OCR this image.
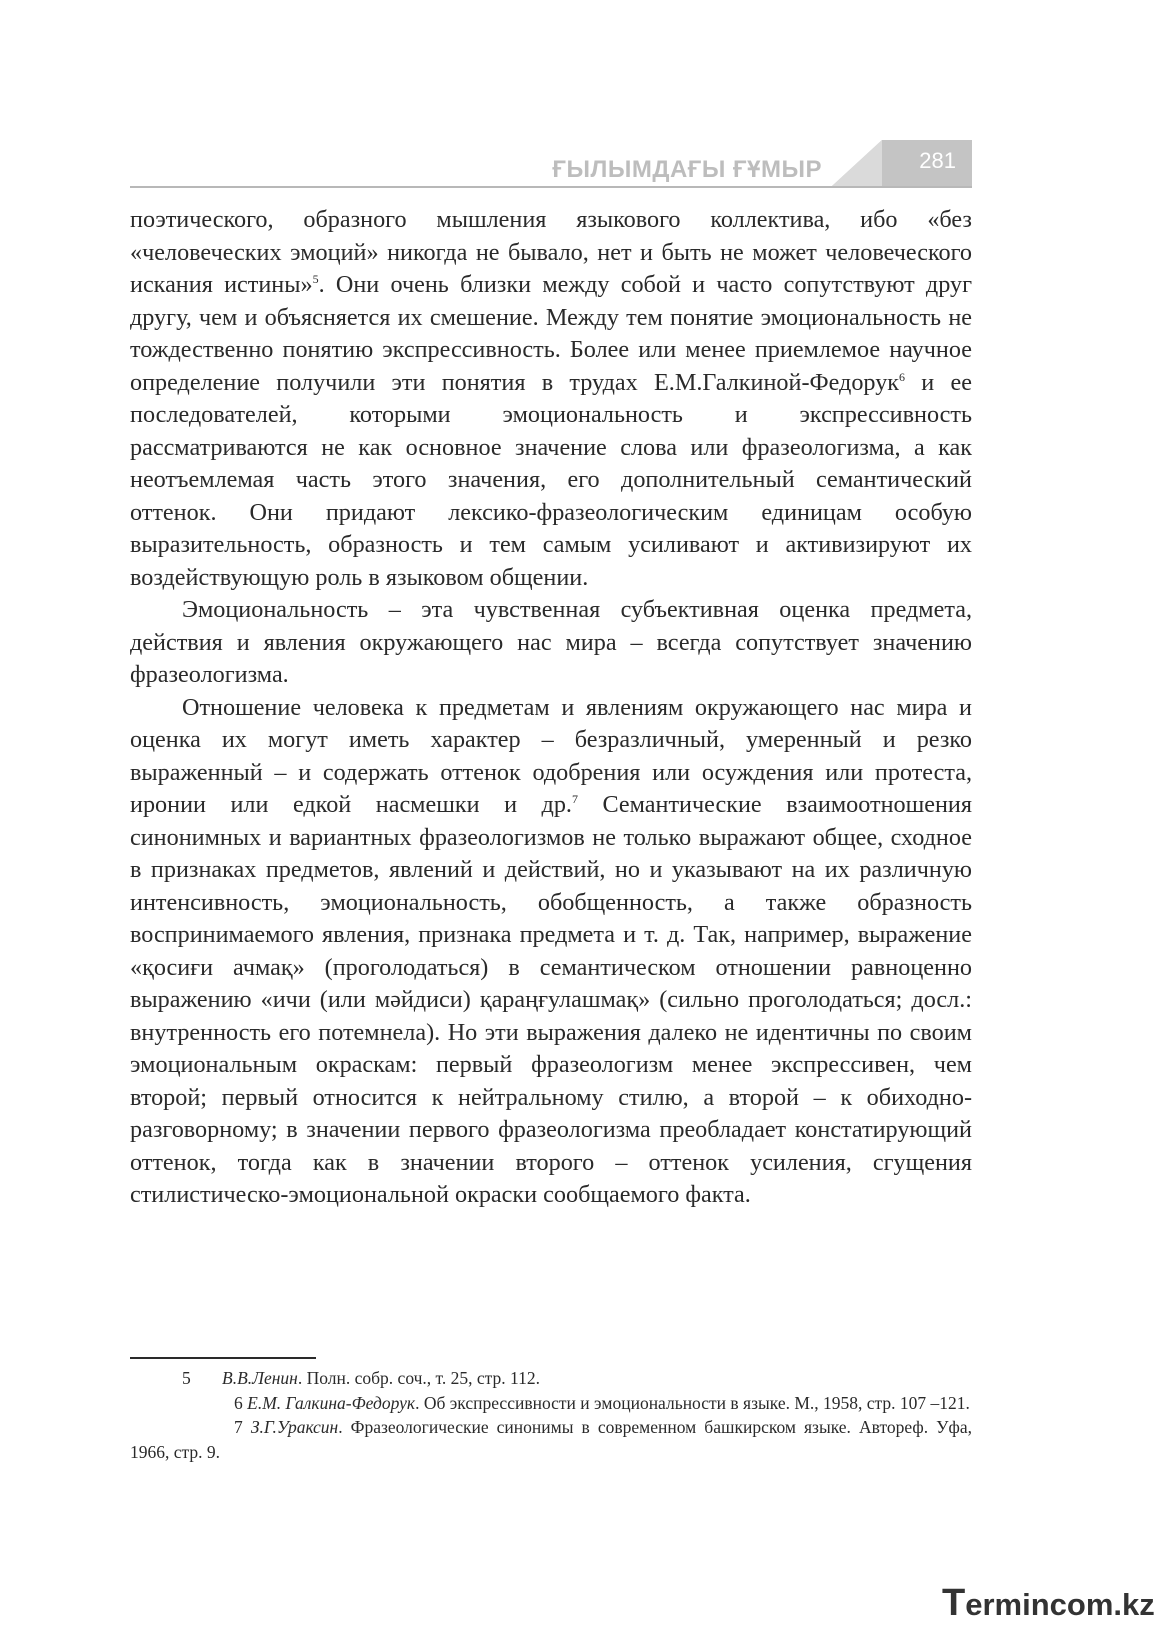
ҒЫЛЫМДАҒЫ ҒҰМЫР	281

поэтического, образного мышления языкового коллектива, ибо «без «человеческих эмоций» никогда не бывало, нет и быть не может человеческого искания истины»$^5$. Они очень близки между собой и часто сопутствуют друг другу, чем и объясняется их смешение. Между тем понятие эмоциональность не тождественно понятию экспрессивность. Более или менее приемлемое научное определение получили эти понятия в трудах Е.М.Галкиной-Федорук$^6$ и ее последователей, которыми эмоциональность и экспрессивность рассматриваются не как основное значение слова или фразеологизма, а как неотъемлемая часть этого значения, его дополнительный семантический оттенок. Они придают лексико-фразеологическим единицам особую выразительность, образность и тем самым усиливают и активизируют их воздействующую роль в языковом общении.

Эмоциональность – эта чувственная субъективная оценка предмета, действия и явления окружающего нас мира – всегда сопутствует значению фразеологизма.

Отношение человека к предметам и явлениям окружающего нас мира и оценка их могут иметь характер – безразличный, умеренный и резко выраженный – и содержать оттенок одобрения или осуждения или протеста, иронии или едкой насмешки и др.$^7$ Семантические взаимоотношения синонимных и вариантных фразеологизмов не только выражают общее, сходное в признаках предметов, явлений и действий, но и указывают на их различную интенсивность, эмоциональность, обобщенность, а также образность воспринимаемого явления, признака предмета и т. д. Так, например, выражение «қосиғи ачмақ» (проголодаться) в семантическом отношении равноценно выражению «ичи (или мәйдиси) қараңғулашмақ» (сильно проголодаться; досл.: внутренность его потемнела). Но эти выражения далеко не идентичны по своим эмоциональным окраскам: первый фразеологизм менее экспрессивен, чем второй; первый относится к нейтральному стилю, а второй – к обиходно-разговорному; в значении первого фразеологизма преобладает констатирующий оттенок, тогда как в значении второго – оттенок усиления, сгущения стилистическо-эмоциональной окраски сообщаемого факта.

5 В.В.Ленин. Полн. собр. соч., т. 25, стр. 112.

6 Е.М. Галкина-Федорук. Об экспрессивности и эмоциональности в языке. М., 1958, стр. 107 –121.

7 З.Г.Ураксин. Фразеологические синонимы в современном башкирском языке. Автореф. Уфа, 1966, стр. 9.

Termincom.kz
